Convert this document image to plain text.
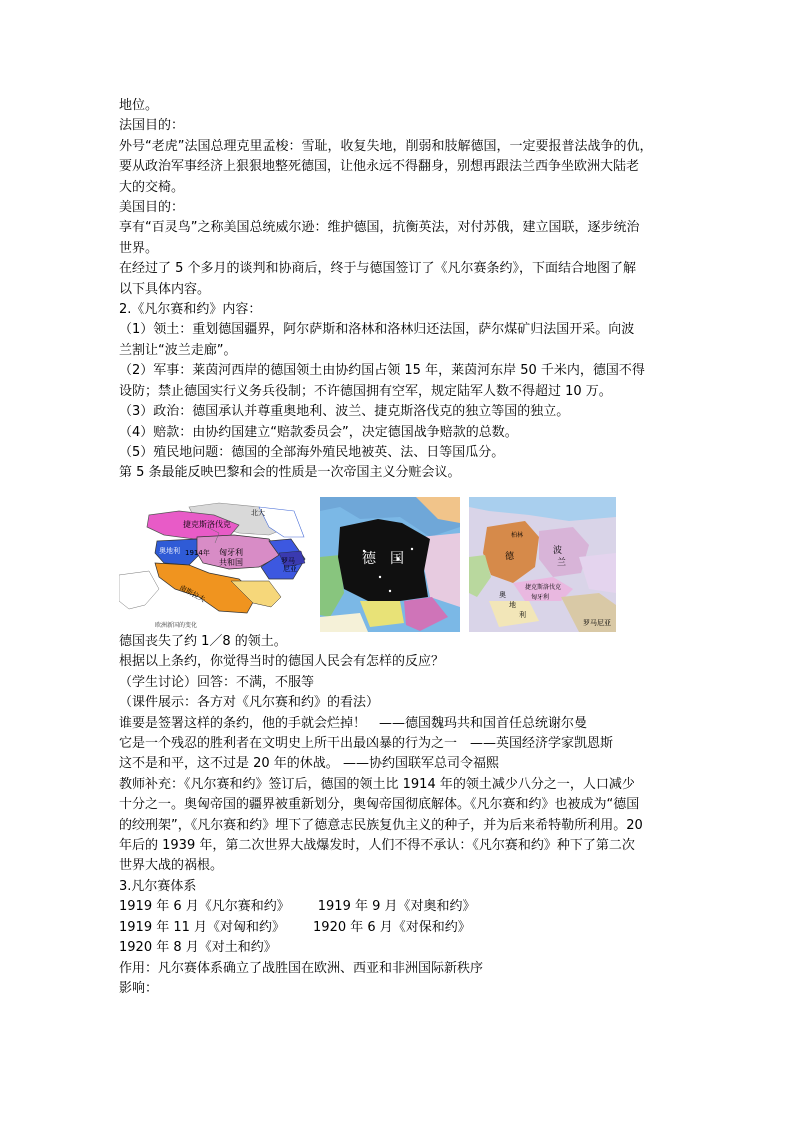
地位。

法国目的：

外号“老虎”法国总理克里孟梭：雪耻，收复失地，削弱和肢解德国，一定要报普法战争的仇，

要从政治军事经济上狠狠地整死德国，让他永远不得翻身，别想再跟法兰西争坐欧洲大陆老

大的交椅。

美国目的：

享有“百灵鸟”之称美国总统威尔逊：维护德国，抗衡英法，对付苏俄，建立国联，逐步统治

世界。

在经过了 5 个多月的谈判和协商后，终于与德国签订了《凡尔赛条约》，下面结合地图了解

以下具体内容。

2.《凡尔赛和约》内容：

（1）领土：重划德国疆界，阿尔萨斯和洛林和洛林归还法国，萨尔煤矿归法国开采。向波

兰割让“波兰走廊”。

（2）军事：莱茵河西岸的德国领土由协约国占领 15 年，莱茵河东岸 50 千米内，德国不得

设防；禁止德国实行义务兵役制；不许德国拥有空军，规定陆军人数不得超过 10 万。

（3）政治：德国承认并尊重奥地利、波兰、捷克斯洛伐克的独立等国的独立。

（4）赔款：由协约国建立“赔款委员会”，决定德国战争赔款的总数。

（5）殖民地问题：德国的全部海外殖民地被英、法、日等国瓜分。

第 5 条最能反映巴黎和会的性质是一次帝国主义分赃会议。

捷克斯洛伐克
北大
奥地利 1914年 匈牙利
共和国	罗马
尼亚
南斯拉夫
欧洲新国的变化
德　国
柏林
德
波
兰
捷克斯洛伐克
匈牙利
罗马尼亚
奥
地
利

德国丧失了约 1／8 的领土。

根据以上条约，你觉得当时的德国人民会有怎样的反应？

（学生讨论）回答：不满，不服等

（课件展示：各方对《凡尔赛和约》的看法）

谁要是签署这样的条约，他的手就会烂掉！　——德国魏玛共和国首任总统谢尔曼

它是一个残忍的胜利者在文明史上所干出最凶暴的行为之一　——英国经济学家凯恩斯

这不是和平，这不过是 20 年的休战。 ——协约国联军总司令福熙

教师补充：《凡尔赛和约》签订后，德国的领土比 1914 年的领土减少八分之一，人口减少

十分之一。奥匈帝国的疆界被重新划分，奥匈帝国彻底解体。《凡尔赛和约》也被成为“德国

的绞刑架”，《凡尔赛和约》埋下了德意志民族复仇主义的种子，并为后来希特勒所利用。20

年后的 1939 年，第二次世界大战爆发时，人们不得不承认：《凡尔赛和约》种下了第二次

世界大战的祸根。

3.凡尔赛体系

1919 年 6 月《凡尔赛和约》 1919 年 9 月《对奥和约》

1919 年 11 月《对匈和约》 1920 年 6 月《对保和约》

1920 年 8 月《对土和约》

作用：凡尔赛体系确立了战胜国在欧洲、西亚和非洲国际新秩序

影响：
